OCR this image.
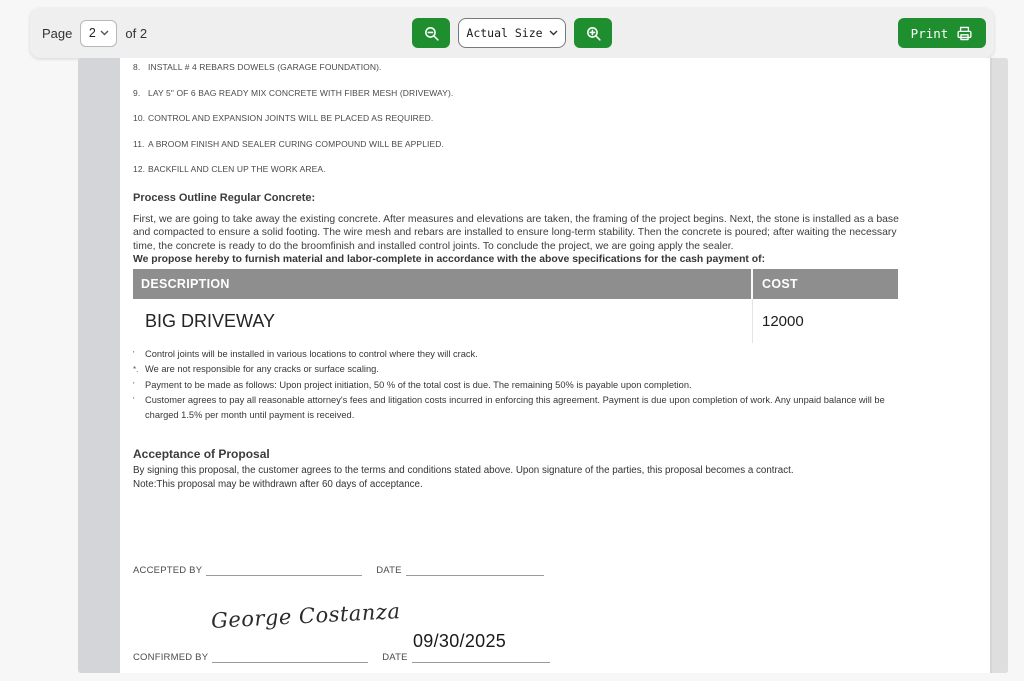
Page 2 of 2	Actual Size	Print
8. INSTALL # 4 REBARS DOWELS (GARAGE FOUNDATION).
9. LAY 5" OF 6 BAG READY MIX CONCRETE WITH FIBER MESH (DRIVEWAY).
10. CONTROL AND EXPANSION JOINTS WILL BE PLACED AS REQUIRED.
11. A BROOM FINISH AND SEALER CURING COMPOUND WILL BE APPLIED.
12. BACKFILL AND CLEN UP THE WORK AREA.
Process Outline Regular Concrete:
First, we are going to take away the existing concrete. After measures and elevations are taken, the framing of the project begins. Next, the stone is installed as a base and compacted to ensure a solid footing. The wire mesh and rebars are installed to ensure long-term stability. Then the concrete is poured; after waiting the necessary time, the concrete is ready to do the broomfinish and installed control joints. To conclude the project, we are going apply the sealer.
We propose hereby to furnish material and labor-complete in accordance with the above specifications for the cash payment of:
DESCRIPTION	COST
BIG DRIVEWAY	12000
'	Control joints will be installed in various locations to control where they will crack.
*. We are not responsible for any cracks or surface scaling.
'	Payment to be made as follows: Upon project initiation, 50 % of the total cost is due. The remaining 50% is payable upon completion.
'	Customer agrees to pay all reasonable attorney's fees and litigation costs incurred in enforcing this agreement. Payment is due upon completion of work. Any unpaid balance will be charged 1.5% per month until payment is received.
Acceptance of Proposal
By signing this proposal, the customer agrees to the terms and conditions stated above. Upon signature of the parties, this proposal becomes a contract.
Note:This proposal may be withdrawn after 60 days of acceptance.
ACCEPTED BY	DATE
George Costanza
09/30/2025
CONFIRMED BY	DATE
